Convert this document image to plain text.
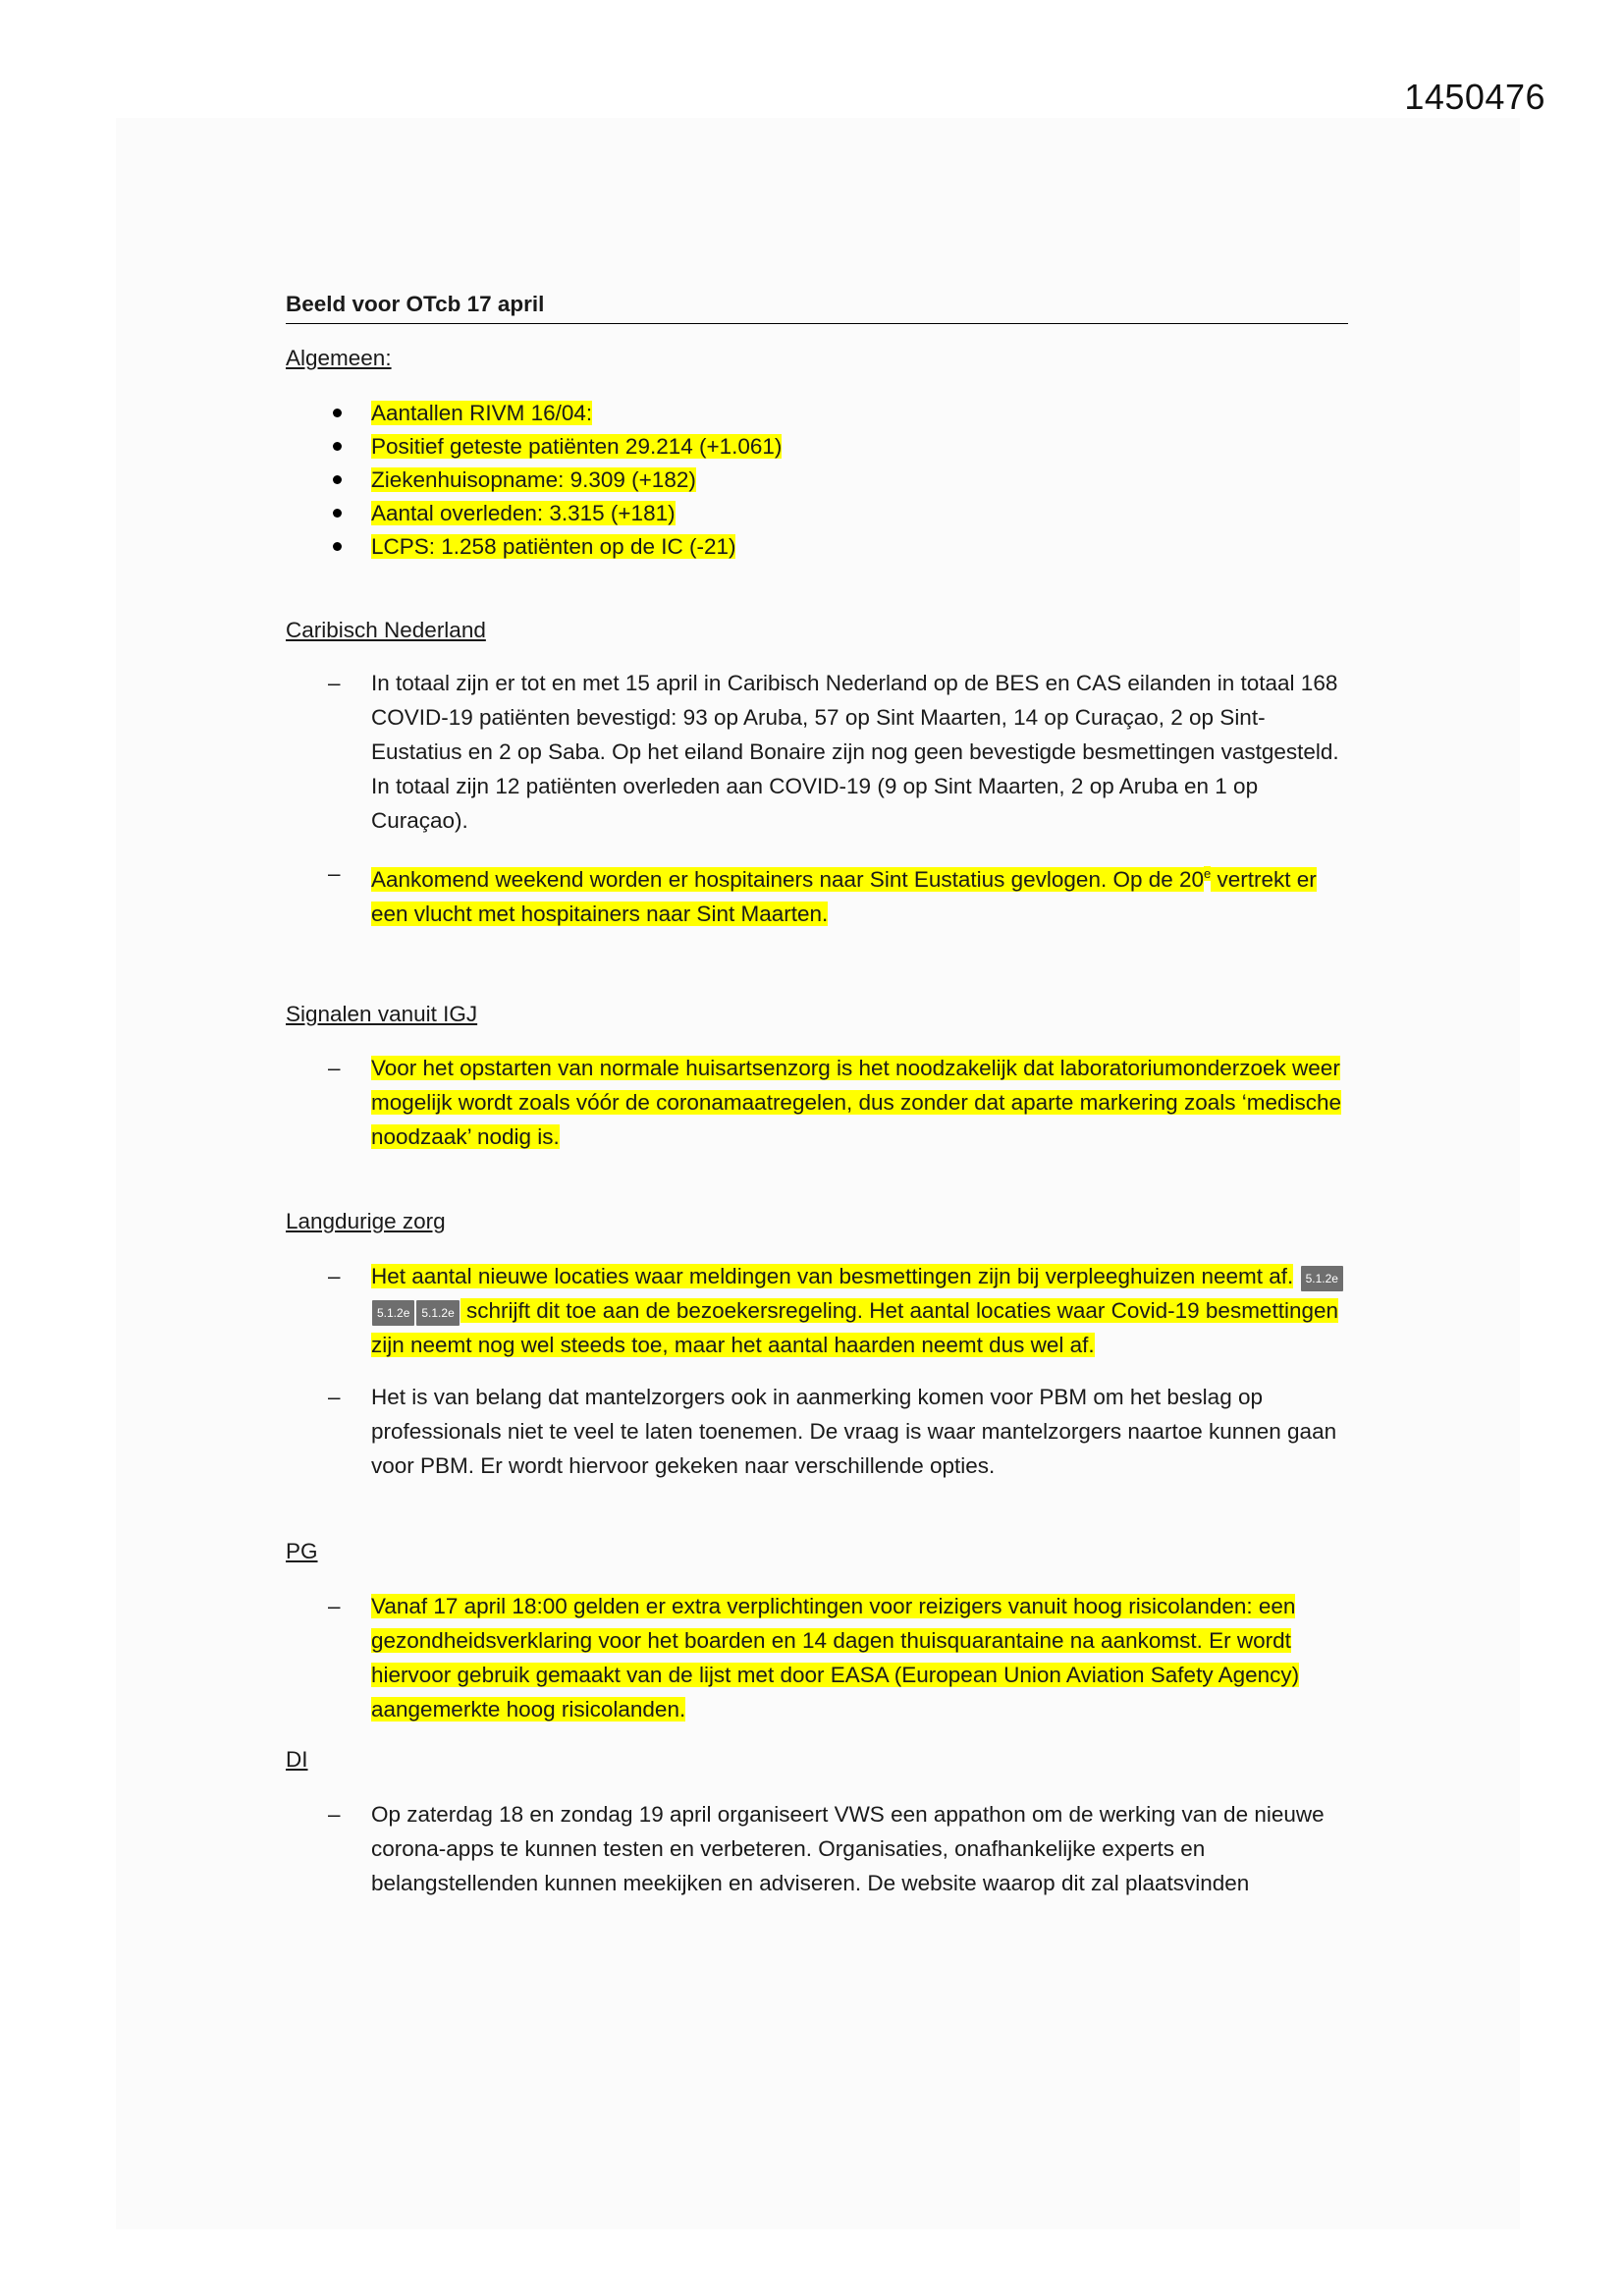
1450476
Beeld voor OTcb 17 april
Algemeen:
Aantallen RIVM 16/04:
Positief geteste patiënten 29.214 (+1.061)
Ziekenhuisopname: 9.309 (+182)
Aantal overleden: 3.315 (+181)
LCPS: 1.258 patiënten op de IC (-21)
Caribisch Nederland
– In totaal zijn er tot en met 15 april in Caribisch Nederland op de BES en CAS eilanden in totaal 168 COVID-19 patiënten bevestigd: 93 op Aruba, 57 op Sint Maarten, 14 op Curaçao, 2 op Sint-Eustatius en 2 op Saba. Op het eiland Bonaire zijn nog geen bevestigde besmettingen vastgesteld. In totaal zijn 12 patiënten overleden aan COVID-19 (9 op Sint Maarten, 2 op Aruba en 1 op Curaçao).
– Aankomend weekend worden er hospitainers naar Sint Eustatius gevlogen. Op de 20e vertrekt er een vlucht met hospitainers naar Sint Maarten.
Signalen vanuit IGJ
– Voor het opstarten van normale huisartsenzorg is het noodzakelijk dat laboratoriumonderzoek weer mogelijk wordt zoals vóór de coronamaatregelen, dus zonder dat aparte markering zoals ‘medische noodzaak’ nodig is.
Langdurige zorg
– Het aantal nieuwe locaties waar meldingen van besmettingen zijn bij verpleeghuizen neemt af. 5.1.2e5.1.2e 5.1.2e schrijft dit toe aan de bezoekersregeling. Het aantal locaties waar Covid-19 besmettingen zijn neemt nog wel steeds toe, maar het aantal haarden neemt dus wel af.
– Het is van belang dat mantelzorgers ook in aanmerking komen voor PBM om het beslag op professionals niet te veel te laten toenemen. De vraag is waar mantelzorgers naartoe kunnen gaan voor PBM. Er wordt hiervoor gekeken naar verschillende opties.
PG
– Vanaf 17 april 18:00 gelden er extra verplichtingen voor reizigers vanuit hoog risicolanden: een gezondheidsverklaring voor het boarden en 14 dagen thuisquarantaine na aankomst. Er wordt hiervoor gebruik gemaakt van de lijst met door EASA (European Union Aviation Safety Agency) aangemerkte hoog risicolanden.
DI
– Op zaterdag 18 en zondag 19 april organiseert VWS een appathon om de werking van de nieuwe corona-apps te kunnen testen en verbeteren. Organisaties, onafhankelijke experts en belangstellenden kunnen meekijken en adviseren. De website waarop dit zal plaatsvinden
